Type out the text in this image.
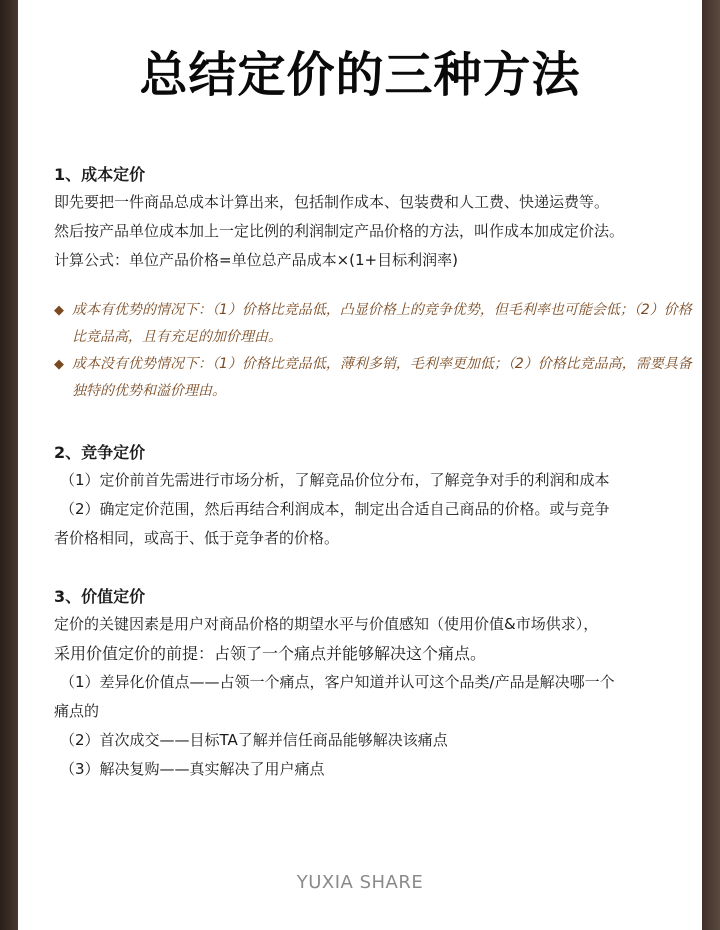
总结定价的三种方法
1、成本定价
即先要把一件商品总成本计算出来，包括制作成本、包装费和人工费、快递运费等。
然后按产品单位成本加上一定比例的利润制定产品价格的方法，叫作成本加成定价法。
计算公式：单位产品价格=单位总产品成本×(1+目标利润率)
◆ 成本有优势的情况下：（1）价格比竞品低，凸显价格上的竞争优势，但毛利率也可能会低；（2）价格比竞品高，且有充足的加价理由。
◆ 成本没有优势情况下：（1）价格比竞品低，薄利多销，毛利率更加低；（2）价格比竞品高，需要具备独特的优势和溢价理由。
2、竞争定价
（1）定价前首先需进行市场分析，了解竞品价位分布，了解竞争对手的利润和成本
（2）确定定价范围，然后再结合利润成本，制定出合适自己商品的价格。或与竞争
者价格相同，或高于、低于竞争者的价格。
3、价值定价
定价的关键因素是用户对商品价格的期望水平与价值感知（使用价值&市场供求），
采用价值定价的前提：占领了一个痛点并能够解决这个痛点。
（1）差异化价值点——占领一个痛点，客户知道并认可这个品类/产品是解决哪一个
痛点的
（2）首次成交——目标TA了解并信任商品能够解决该痛点
（3）解决复购——真实解决了用户痛点
YUXIA SHARE
